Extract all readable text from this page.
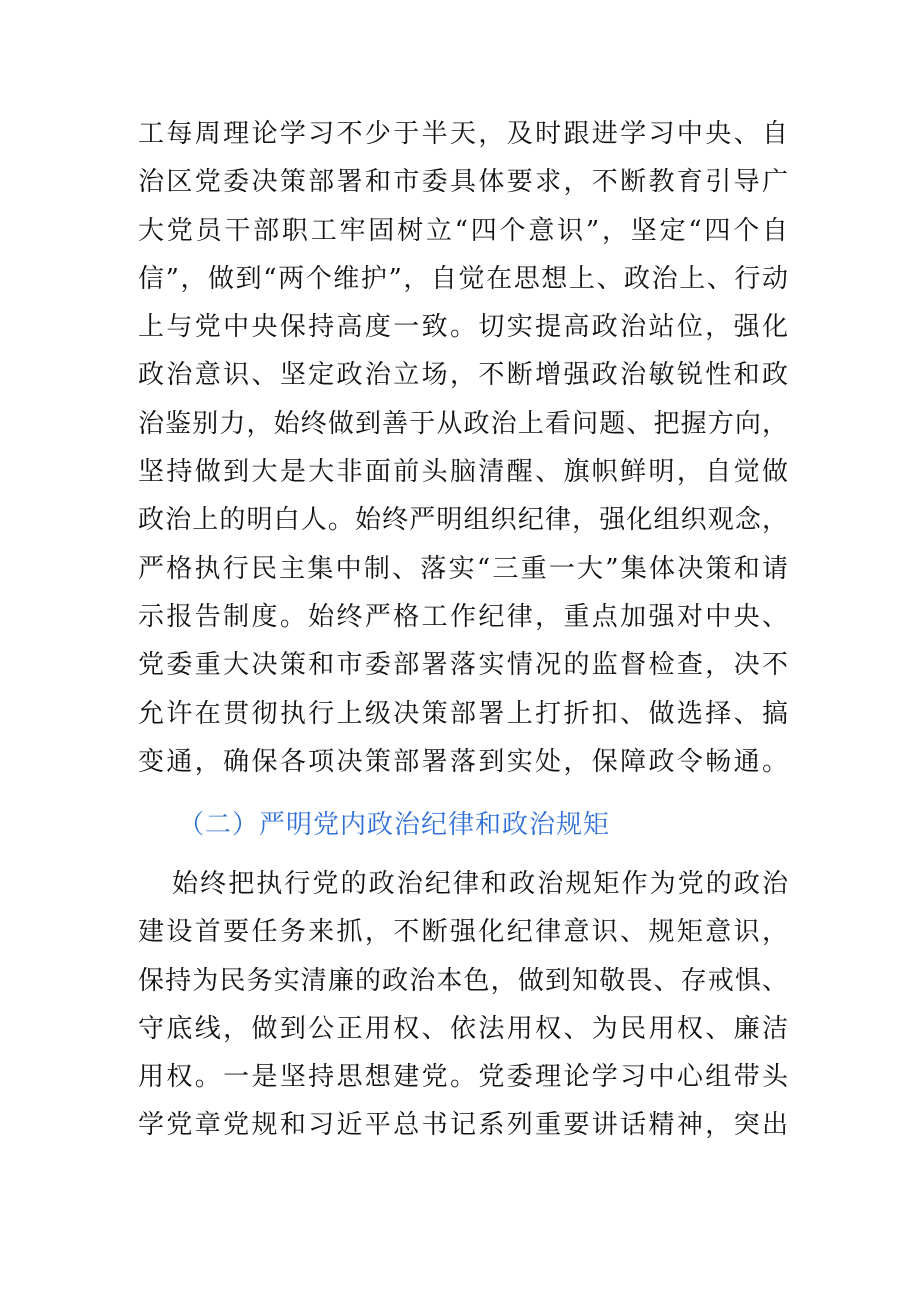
工每周理论学习不少于半天，及时跟进学习中央、自
治区党委决策部署和市委具体要求，不断教育引导广
大党员干部职工牢固树立“四个意识”，坚定“四个自
信”，做到“两个维护”，自觉在思想上、政治上、行动
上与党中央保持高度一致。切实提高政治站位，强化
政治意识、坚定政治立场，不断增强政治敏锐性和政
治鉴别力，始终做到善于从政治上看问题、把握方向，
坚持做到大是大非面前头脑清醒、旗帜鲜明，自觉做
政治上的明白人。始终严明组织纪律，强化组织观念，
严格执行民主集中制、落实“三重一大”集体决策和请
示报告制度。始终严格工作纪律，重点加强对中央、
党委重大决策和市委部署落实情况的监督检查，决不
允许在贯彻执行上级决策部署上打折扣、做选择、搞
变通，确保各项决策部署落到实处，保障政令畅通。
（二）严明党内政治纪律和政治规矩
始终把执行党的政治纪律和政治规矩作为党的政治
建设首要任务来抓，不断强化纪律意识、规矩意识，
保持为民务实清廉的政治本色，做到知敬畏、存戒惧、
守底线，做到公正用权、依法用权、为民用权、廉洁
用权。一是坚持思想建党。党委理论学习中心组带头
学党章党规和习近平总书记系列重要讲话精神，突出
